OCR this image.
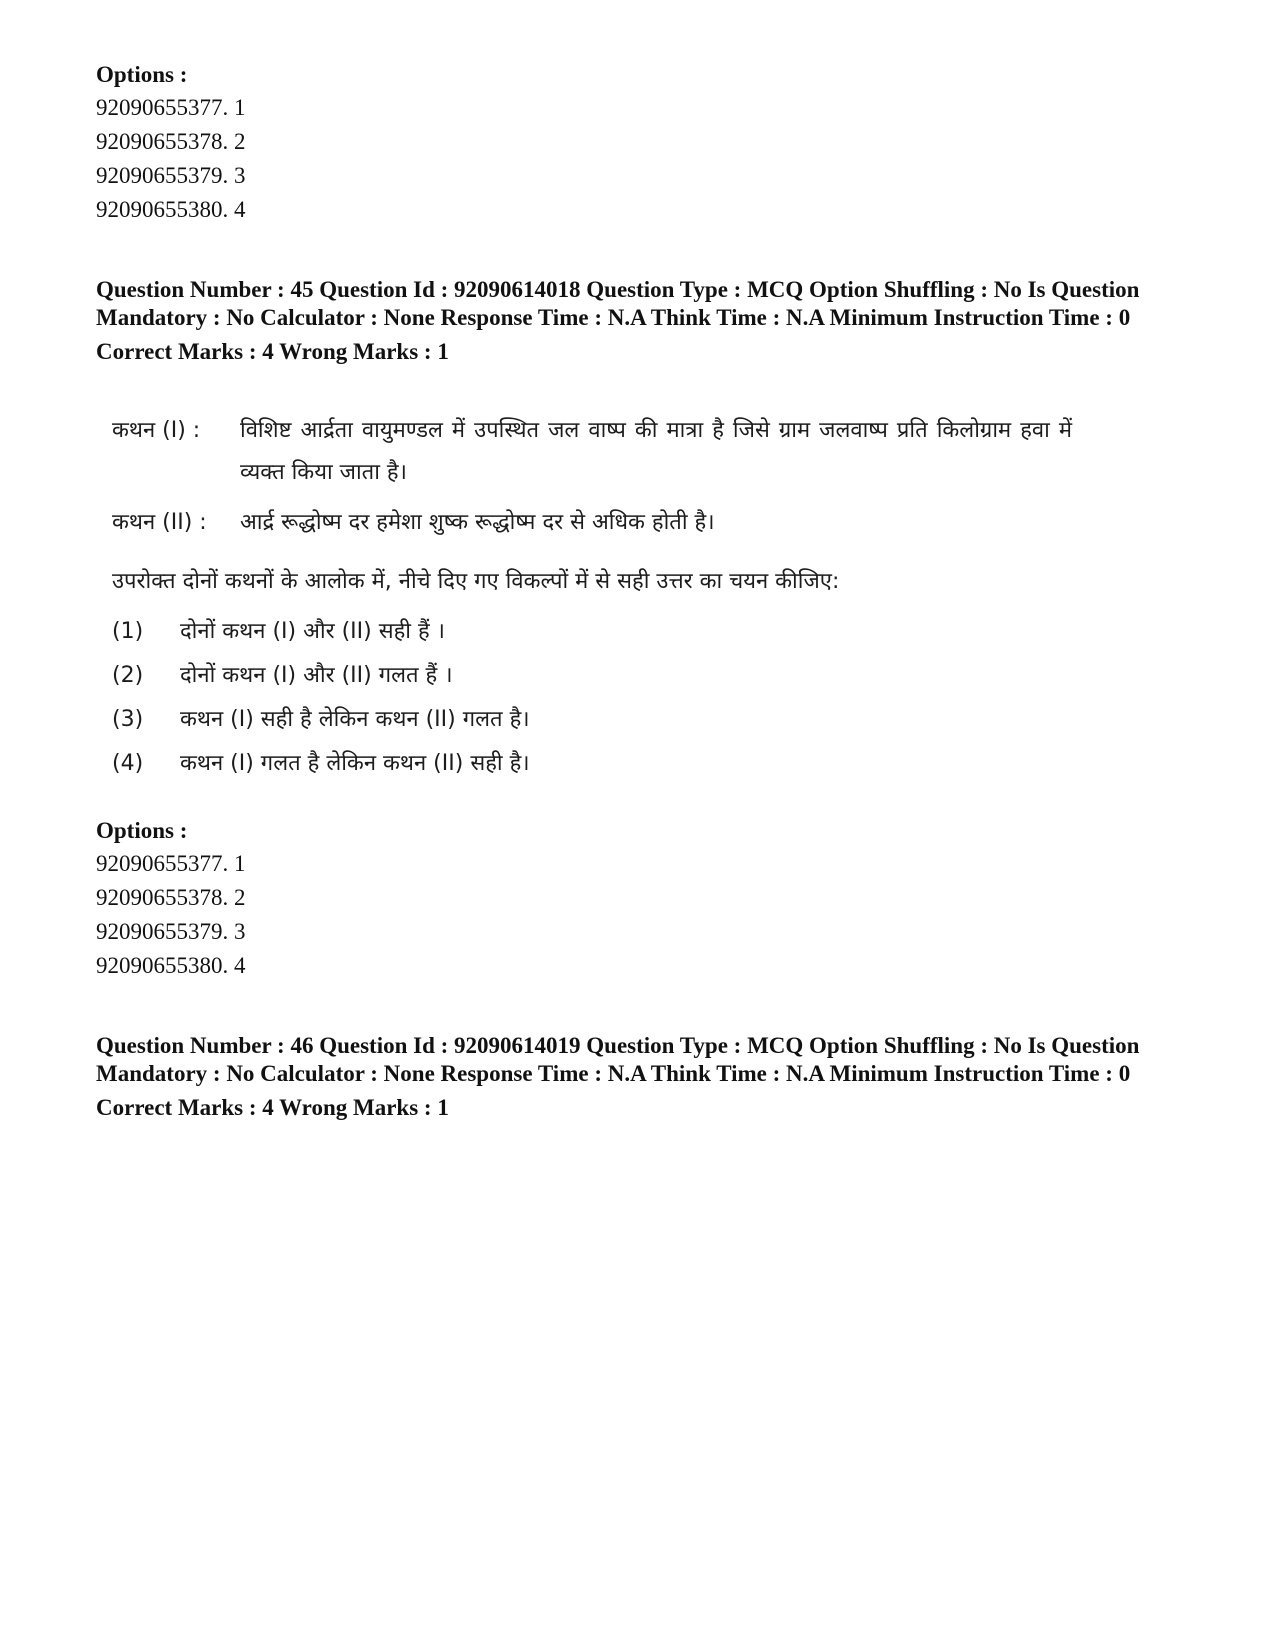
Options :

92090655377. 1

92090655378. 2

92090655379. 3

92090655380. 4

Question Number : 45 Question Id : 92090614018 Question Type : MCQ Option Shuffling : No Is Question Mandatory : No Calculator : None Response Time : N.A Think Time : N.A Minimum Instruction Time : 0

Correct Marks : 4 Wrong Marks : 1

कथन (I) :	विशिष्ट आर्द्रता वायुमण्डल में उपस्थित जल वाष्प की मात्रा है जिसे ग्राम जलवाष्प प्रति किलोग्राम हवा में व्यक्त किया जाता है।
कथन (II) :	आर्द्र रूद्धोष्म दर हमेशा शुष्क रूद्धोष्म दर से अधिक होती है।
उपरोक्त दोनों कथनों के आलोक में, नीचे दिए गए विकल्पों में से सही उत्तर का चयन कीजिए:
(1)	दोनों कथन (I) और (II) सही हैं ।
(2)	दोनों कथन (I) और (II) गलत हैं ।
(3)	कथन (I) सही है लेकिन कथन (II) गलत है।
(4)	कथन (I) गलत है लेकिन कथन (II) सही है।

Options :

92090655377. 1

92090655378. 2

92090655379. 3

92090655380. 4

Question Number : 46 Question Id : 92090614019 Question Type : MCQ Option Shuffling : No Is Question Mandatory : No Calculator : None Response Time : N.A Think Time : N.A Minimum Instruction Time : 0

Correct Marks : 4 Wrong Marks : 1
